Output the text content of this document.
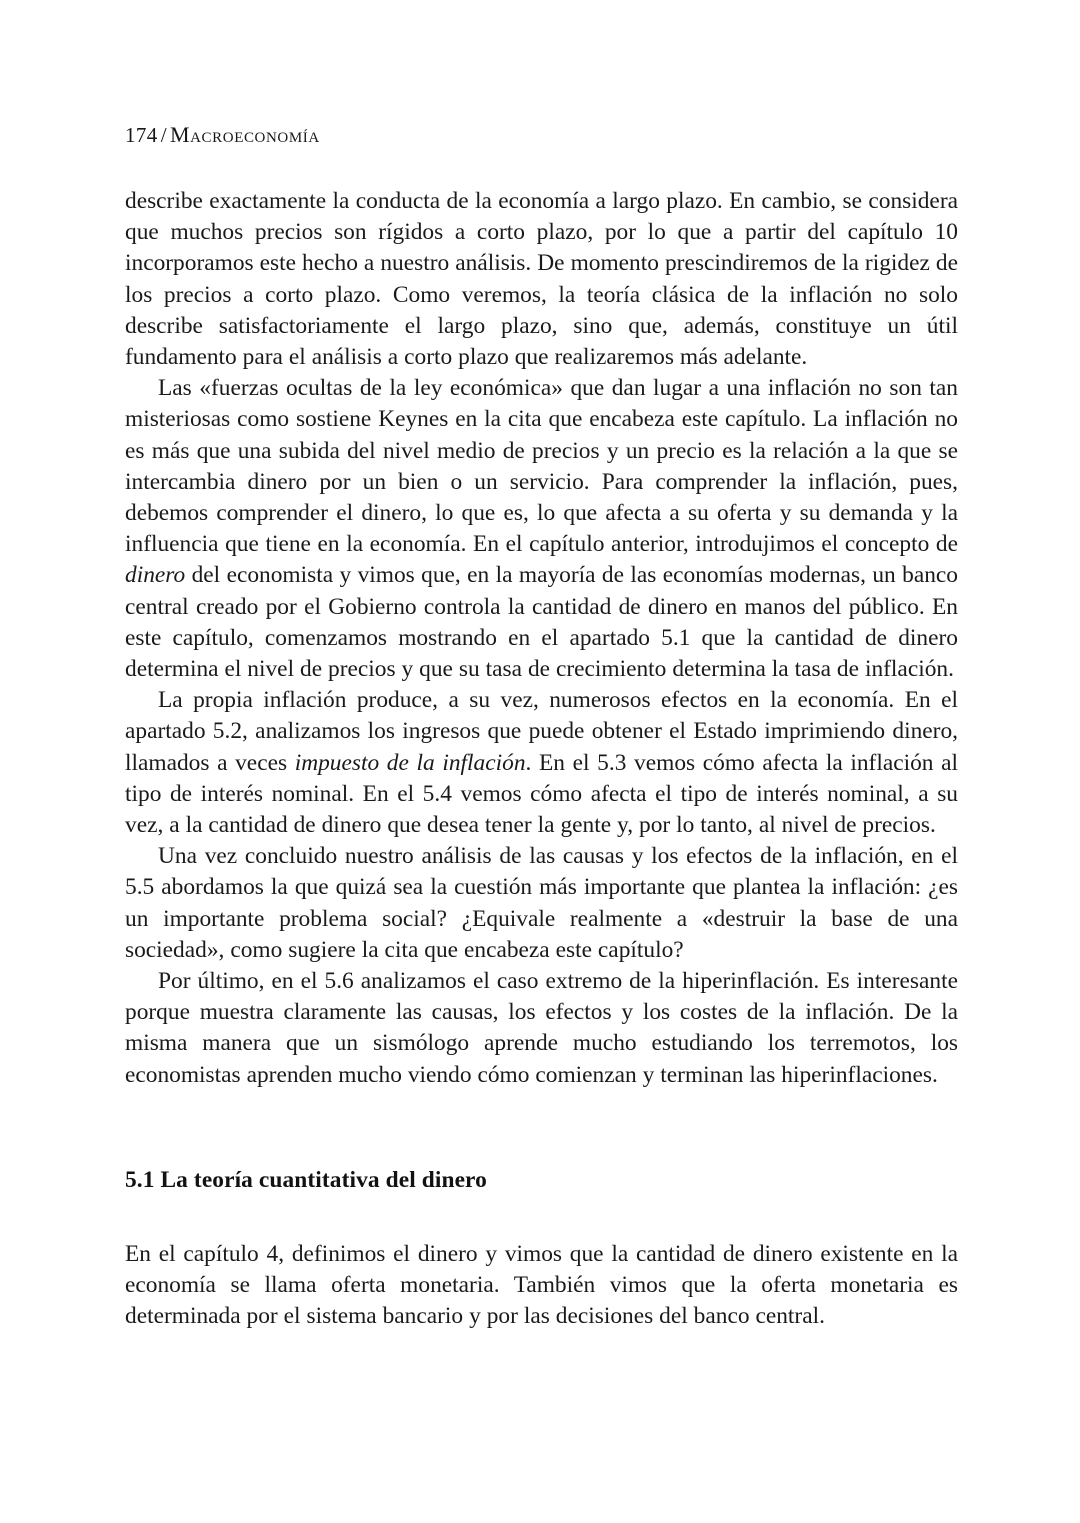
174 / Macroeconomía

describe exactamente la conducta de la economía a largo plazo. En cambio, se considera que muchos precios son rígidos a corto plazo, por lo que a partir del capítulo 10 incorporamos este hecho a nuestro análisis. De momento prescindiremos de la rigidez de los precios a corto plazo. Como veremos, la teoría clásica de la inflación no solo describe satisfactoriamente el largo plazo, sino que, además, constituye un útil fundamento para el análisis a corto plazo que realizaremos más adelante.

Las «fuerzas ocultas de la ley económica» que dan lugar a una inflación no son tan misteriosas como sostiene Keynes en la cita que encabeza este capítulo. La inflación no es más que una subida del nivel medio de precios y un precio es la relación a la que se intercambia dinero por un bien o un servicio. Para comprender la inflación, pues, debemos comprender el dinero, lo que es, lo que afecta a su oferta y su demanda y la influencia que tiene en la economía. En el capítulo anterior, introdujimos el concepto de dinero del economista y vimos que, en la mayoría de las economías modernas, un banco central creado por el Gobierno controla la cantidad de dinero en manos del público. En este capítulo, comenzamos mostrando en el apartado 5.1 que la cantidad de dinero determina el nivel de precios y que su tasa de crecimiento determina la tasa de inflación.

La propia inflación produce, a su vez, numerosos efectos en la economía. En el apartado 5.2, analizamos los ingresos que puede obtener el Estado imprimiendo dinero, llamados a veces impuesto de la inflación. En el 5.3 vemos cómo afecta la inflación al tipo de interés nominal. En el 5.4 vemos cómo afecta el tipo de interés nominal, a su vez, a la cantidad de dinero que desea tener la gente y, por lo tanto, al nivel de precios.

Una vez concluido nuestro análisis de las causas y los efectos de la inflación, en el 5.5 abordamos la que quizá sea la cuestión más importante que plantea la inflación: ¿es un importante problema social? ¿Equivale realmente a «destruir la base de una sociedad», como sugiere la cita que encabeza este capítulo?

Por último, en el 5.6 analizamos el caso extremo de la hiperinflación. Es interesante porque muestra claramente las causas, los efectos y los costes de la inflación. De la misma manera que un sismólogo aprende mucho estudiando los terremotos, los economistas aprenden mucho viendo cómo comienzan y terminan las hiperinflaciones.

5.1 La teoría cuantitativa del dinero

En el capítulo 4, definimos el dinero y vimos que la cantidad de dinero existente en la economía se llama oferta monetaria. También vimos que la oferta monetaria es determinada por el sistema bancario y por las decisiones del banco central.
